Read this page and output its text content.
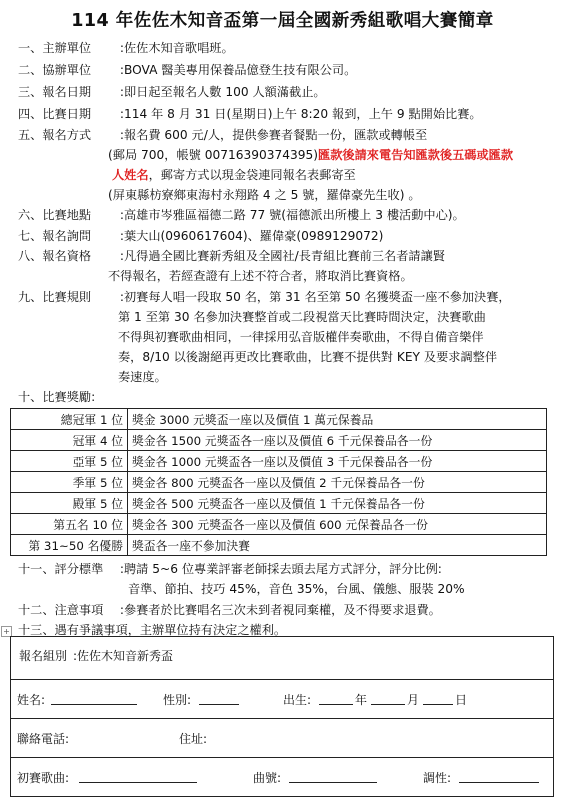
114 年佐佐木知音盃第一屆全國新秀組歌唱大賽簡章
一、主辦單位 :佐佐木知音歌唱班。
二、協辦單位 :BOVA 醫美專用保養品億登生技有限公司。
三、報名日期 :即日起至報名人數 100 人額滿截止。
四、比賽日期 :114 年 8 月 31 日(星期日)上午 8:20 報到，上午 9 點開始比賽。
五、報名方式 :報名費 600 元/人，提供參賽者餐點一份，匯款或轉帳至
(郵局 700，帳號 00716390374395)匯款後請來電告知匯款後五碼或匯款
人姓名，郵寄方式以現金袋連同報名表郵寄至
(屏東縣枋寮鄉東海村永翔路 4 之 5 號，羅偉豪先生收) 。
六、比賽地點 :高雄市岑雅區福德二路 77 號(福德派出所樓上 3 樓活動中心)。
七、報名詢問 :葉大山(0960617604)、羅偉豪(0989129072)
八、報名資格 :凡得過全國比賽新秀組及全國社/長青組比賽前三名者請讓賢
不得報名，若經查證有上述不符合者，將取消比賽資格。
九、比賽規則 :初賽每人唱一段取 50 名，第 31 名至第 50 名獲獎盃一座不參加決賽，
第 1 至第 30 名參加決賽整首或二段視當天比賽時間決定，決賽歌曲
不得與初賽歌曲相同，一律採用弘音版權伴奏歌曲，不得自備音樂伴
奏，8/10 以後謝絕再更改比賽歌曲，比賽不提供對 KEY 及要求調整伴
奏速度。
十、比賽獎勵:
總冠軍 1 位	獎金 3000 元獎盃一座以及價值 1 萬元保養品
冠軍 4 位	獎金各 1500 元獎盃各一座以及價值 6 千元保養品各一份
亞軍 5 位	獎金各 1000 元獎盃各一座以及價值 3 千元保養品各一份
季軍 5 位	獎金各 800 元獎盃各一座以及價值 2 千元保養品各一份
殿軍 5 位	獎金各 500 元獎盃各一座以及價值 1 千元保養品各一份
第五名 10 位	獎金各 300 元獎盃各一座以及價值 600 元保養品各一份
第 31~50 名優勝	獎盃各一座不參加決賽
十一、評分標準 :聘請 5~6 位專業評審老師採去頭去尾方式評分，評分比例:
音準、節拍、技巧 45%，音色 35%，台風、儀態、服裝 20%
十二、注意事項 :參賽者於比賽唱名三次未到者視同棄權，及不得要求退費。
+ 十三、遇有爭議事項，主辦單位持有決定之權利。
報名組別 :佐佐木知音新秀盃
姓名:	性別:	出生:	年	月	日
聯絡電話:	住址:
初賽歌曲:	曲號:	調性:
